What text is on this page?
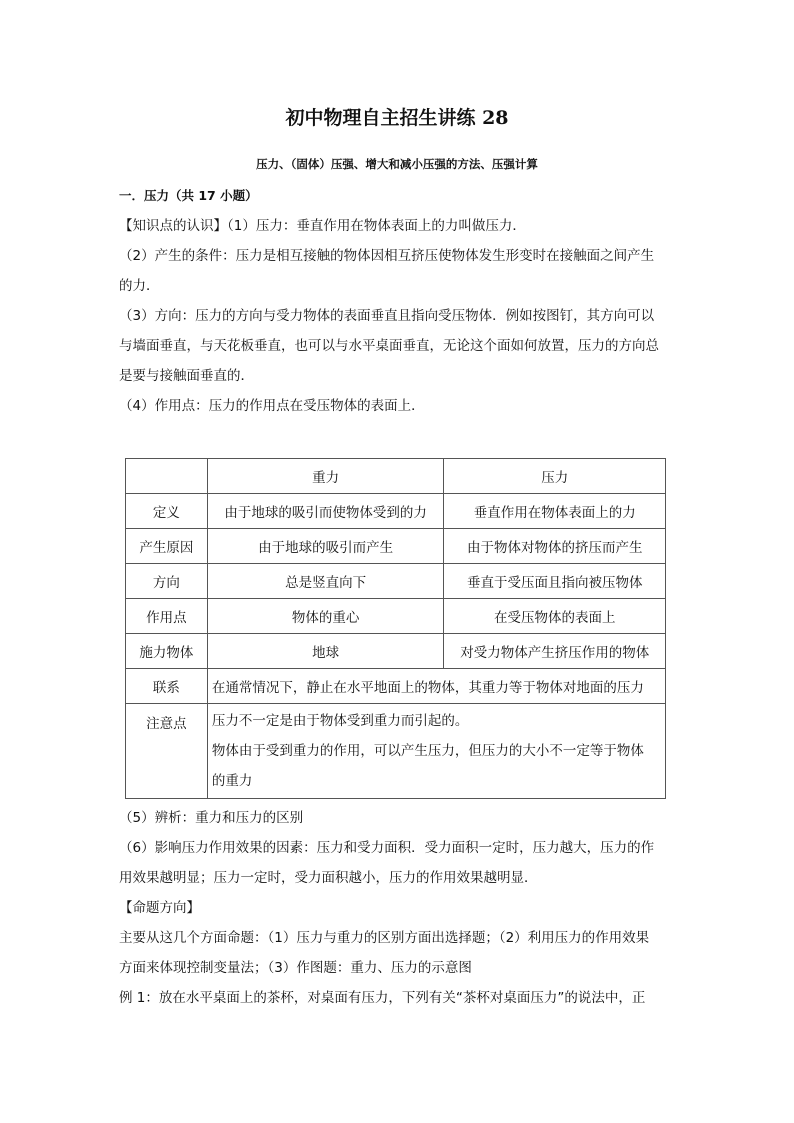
初中物理自主招生讲练 28
压力、（固体）压强、增大和减小压强的方法、压强计算
一．压力（共 17 小题）
【知识点的认识】（1）压力：垂直作用在物体表面上的力叫做压力．
（2）产生的条件：压力是相互接触的物体因相互挤压使物体发生形变时在接触面之间产生
的力．
（3）方向：压力的方向与受力物体的表面垂直且指向受压物体．例如按图钉，其方向可以
与墙面垂直，与天花板垂直，也可以与水平桌面垂直，无论这个面如何放置，压力的方向总
是要与接触面垂直的．
（4）作用点：压力的作用点在受压物体的表面上．
	重力	压力
定义	由于地球的吸引而使物体受到的力	垂直作用在物体表面上的力
产生原因	由于地球的吸引而产生	由于物体对物体的挤压而产生
方向	总是竖直向下	垂直于受压面且指向被压物体
作用点	物体的重心	在受压物体的表面上
施力物体	地球	对受力物体产生挤压作用的物体
联系	在通常情况下，静止在水平地面上的物体，其重力等于物体对地面的压力	
注意点	压力不一定是由于物体受到重力而引起的。
物体由于受到重力的作用，可以产生压力，但压力的大小不一定等于物体
的重力	
（5）辨析：重力和压力的区别
（6）影响压力作用效果的因素：压力和受力面积．受力面积一定时，压力越大，压力的作
用效果越明显；压力一定时，受力面积越小，压力的作用效果越明显．
【命题方向】
主要从这几个方面命题：（1）压力与重力的区别方面出选择题；（2）利用压力的作用效果
方面来体现控制变量法；（3）作图题：重力、压力的示意图
例 1：放在水平桌面上的茶杯，对桌面有压力，下列有关“茶杯对桌面压力”的说法中，正
